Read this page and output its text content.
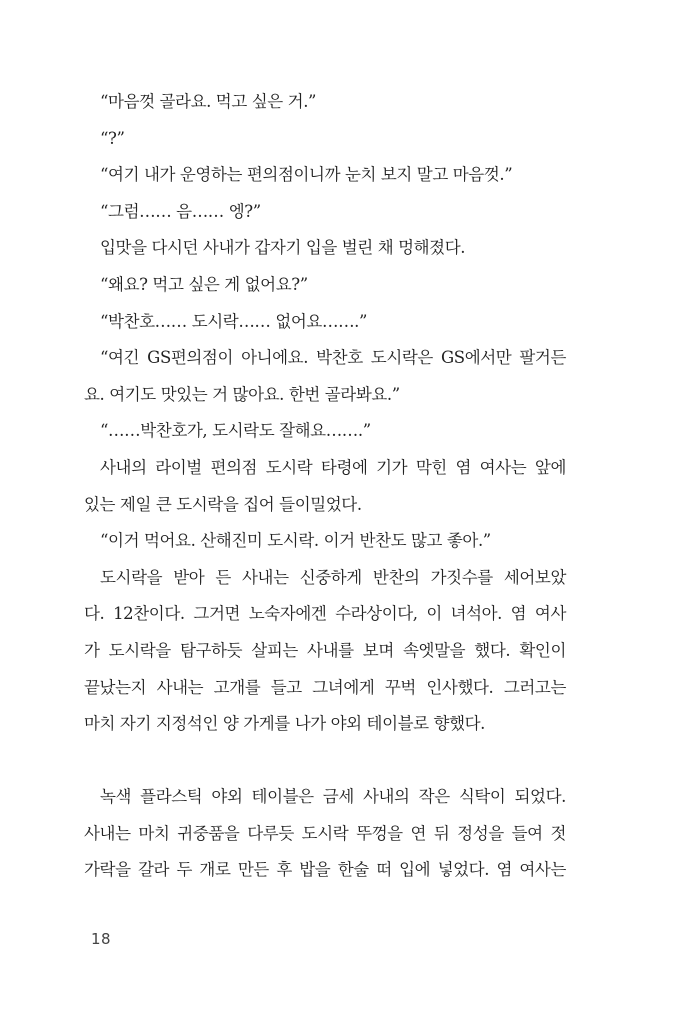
“마음껏 골라요. 먹고 싶은 거.”
“?”
“여기 내가 운영하는 편의점이니까 눈치 보지 말고 마음껏.”
“그럼…… 음…… 엥?”
입맛을 다시던 사내가 갑자기 입을 벌린 채 멍해졌다.
“왜요? 먹고 싶은 게 없어요?”
“박찬호…… 도시락…… 없어요…….”
“여긴 GS편의점이 아니에요. 박찬호 도시락은 GS에서만 팔거든
요. 여기도 맛있는 거 많아요. 한번 골라봐요.”
“……박찬호가, 도시락도 잘해요…….”
사내의 라이벌 편의점 도시락 타령에 기가 막힌 염 여사는 앞에
있는 제일 큰 도시락을 집어 들이밀었다.
“이거 먹어요. 산해진미 도시락. 이거 반찬도 많고 좋아.”
도시락을 받아 든 사내는 신중하게 반찬의 가짓수를 세어보았
다. 12찬이다. 그거면 노숙자에겐 수라상이다, 이 녀석아. 염 여사
가 도시락을 탐구하듯 살피는 사내를 보며 속엣말을 했다. 확인이
끝났는지 사내는 고개를 들고 그녀에게 꾸벅 인사했다. 그러고는
마치 자기 지정석인 양 가게를 나가 야외 테이블로 향했다.
녹색 플라스틱 야외 테이블은 금세 사내의 작은 식탁이 되었다.
사내는 마치 귀중품을 다루듯 도시락 뚜껑을 연 뒤 정성을 들여 젓
가락을 갈라 두 개로 만든 후 밥을 한술 떠 입에 넣었다. 염 여사는
18
